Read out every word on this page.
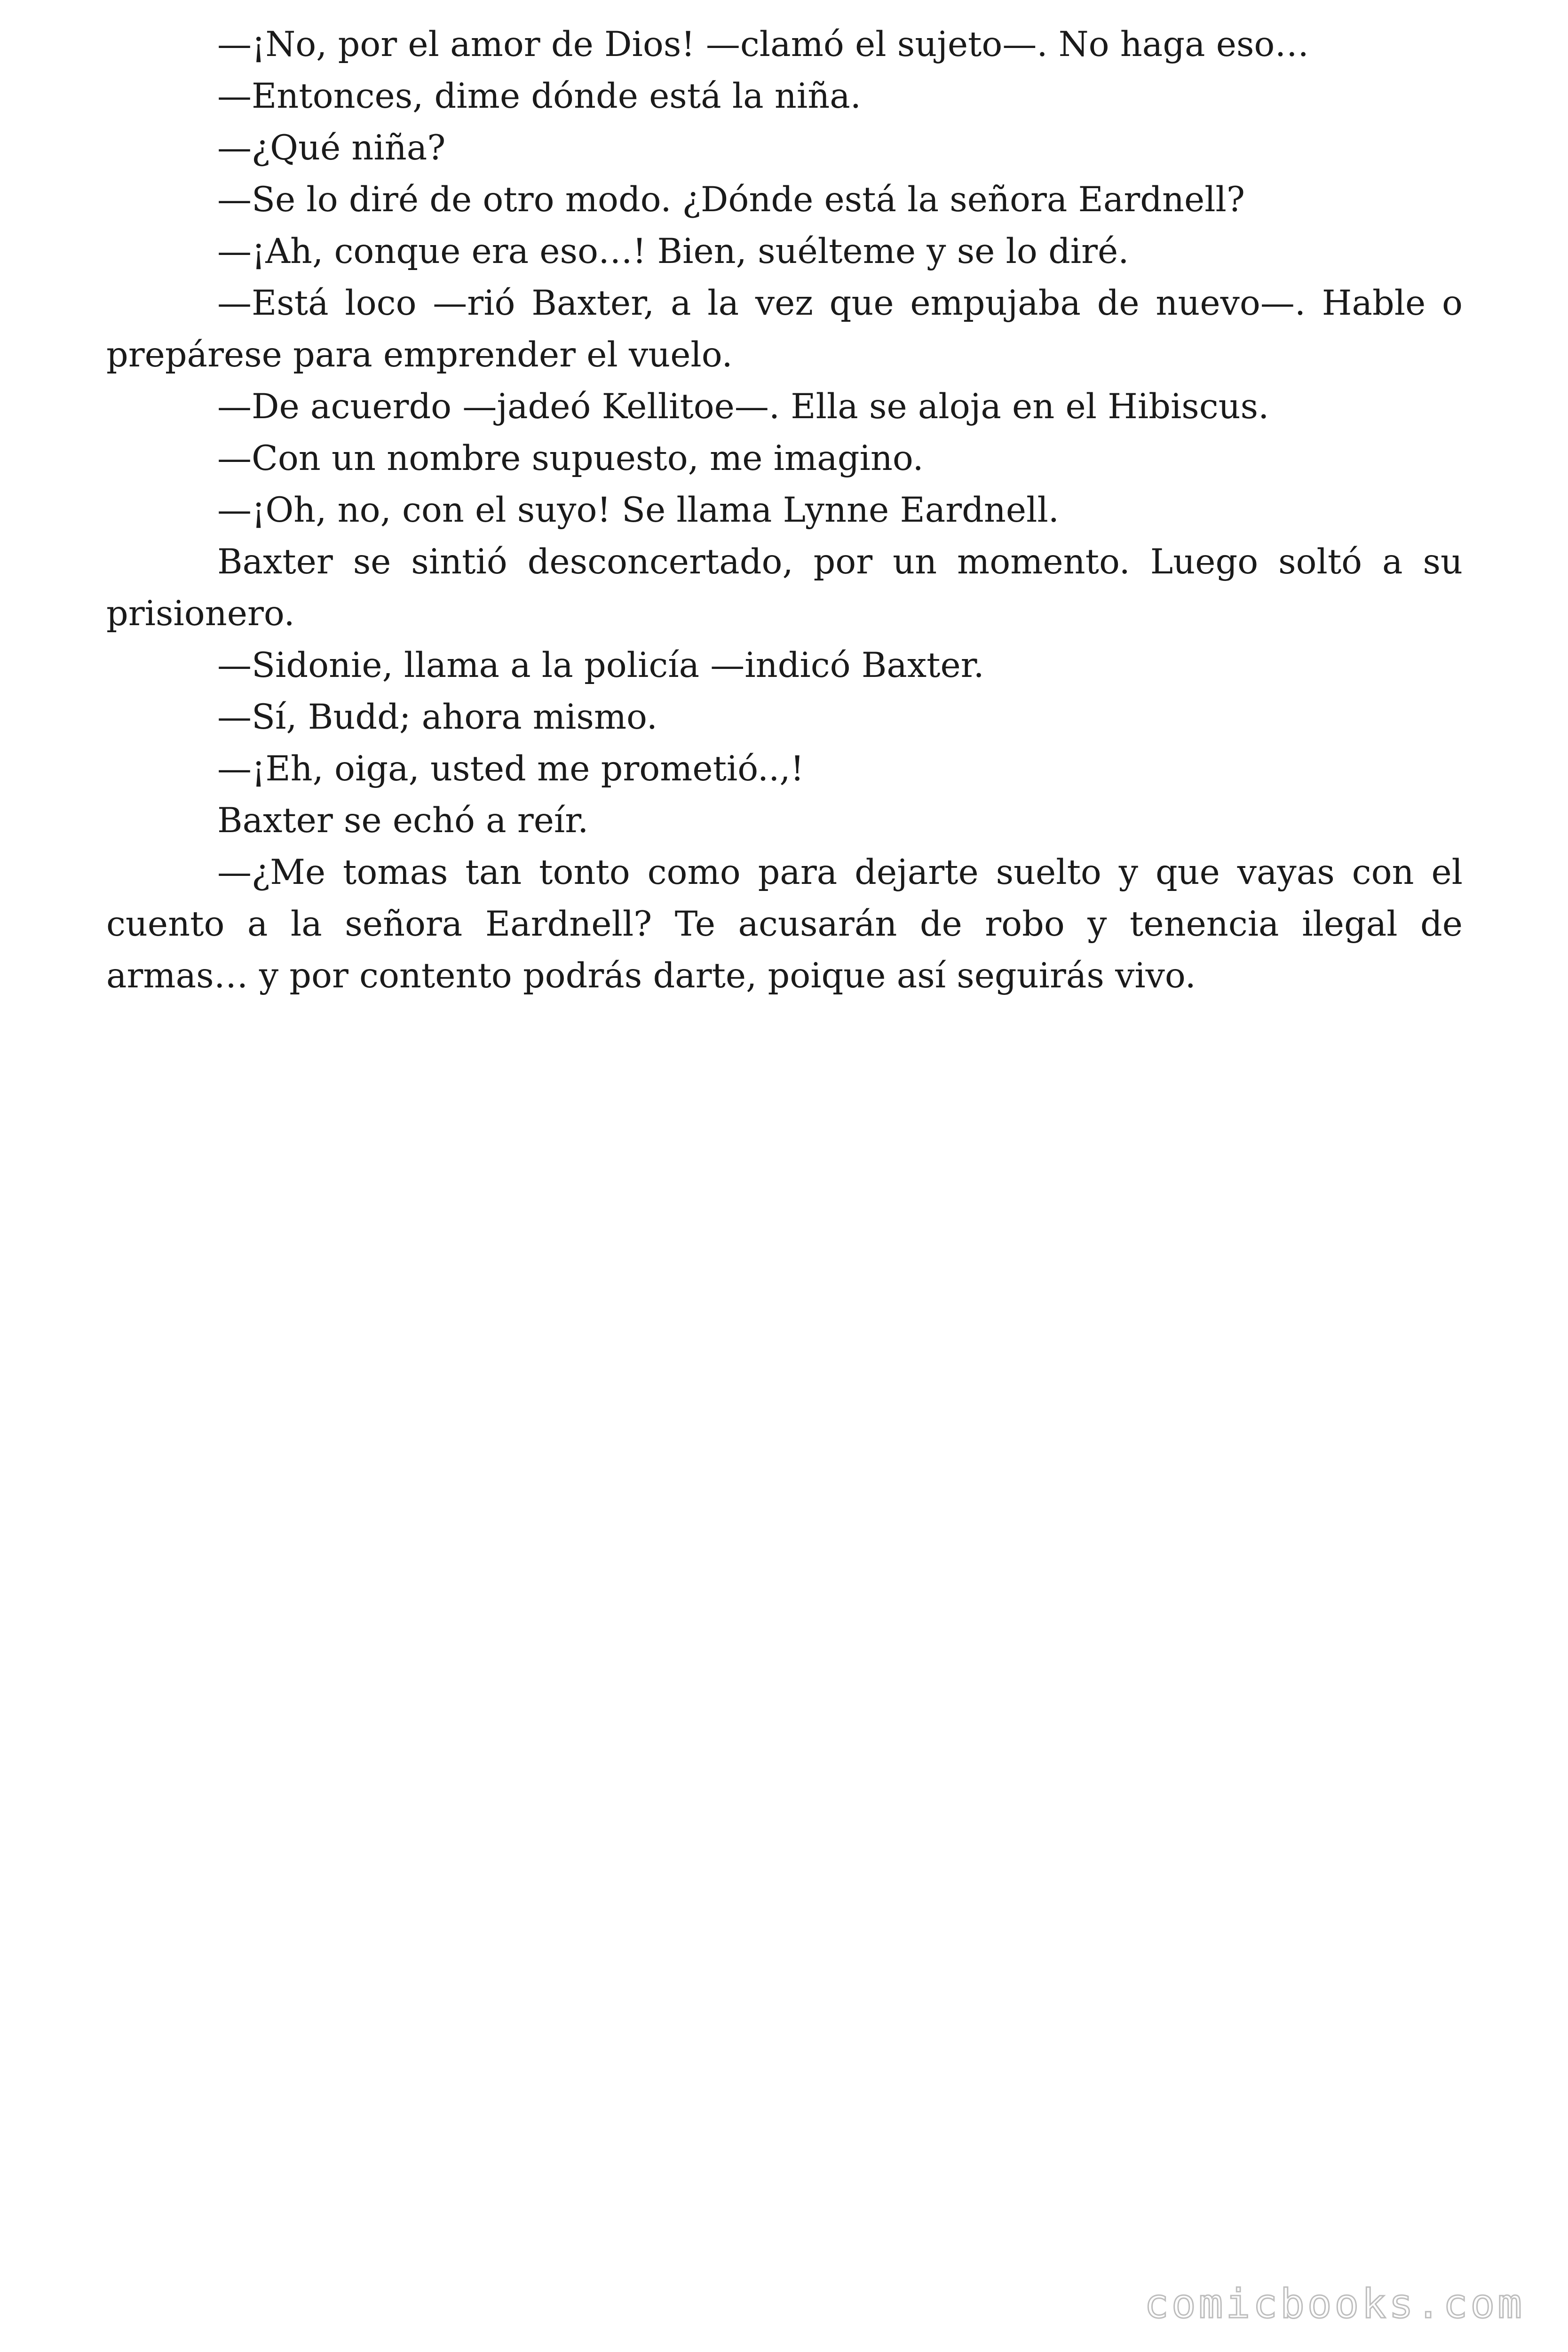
—¡No, por el amor de Dios! —clamó el sujeto—. No haga eso…

—Entonces, dime dónde está la niña.

—¿Qué niña?

—Se lo diré de otro modo. ¿Dónde está la señora Eardnell?

—¡Ah, conque era eso…! Bien, suélteme y se lo diré.

—Está loco —rió Baxter, a la vez que empujaba de nuevo—. Hable o prepárese para emprender el vuelo.

—De acuerdo —jadeó Kellitoe—. Ella se aloja en el Hibiscus.

—Con un nombre supuesto, me imagino.

—¡Oh, no, con el suyo! Se llama Lynne Eardnell.

Baxter se sintió desconcertado, por un momento. Luego soltó a su prisionero.

—Sidonie, llama a la policía —indicó Baxter.

—Sí, Budd; ahora mismo.

—¡Eh, oiga, usted me prometió..,!

Baxter se echó a reír.

—¿Me tomas tan tonto como para dejarte suelto y que vayas con el cuento a la señora Eardnell? Te acusarán de robo y tenencia ilegal de armas… y por contento podrás darte, poique así seguirás vivo.

comicbooks.com
